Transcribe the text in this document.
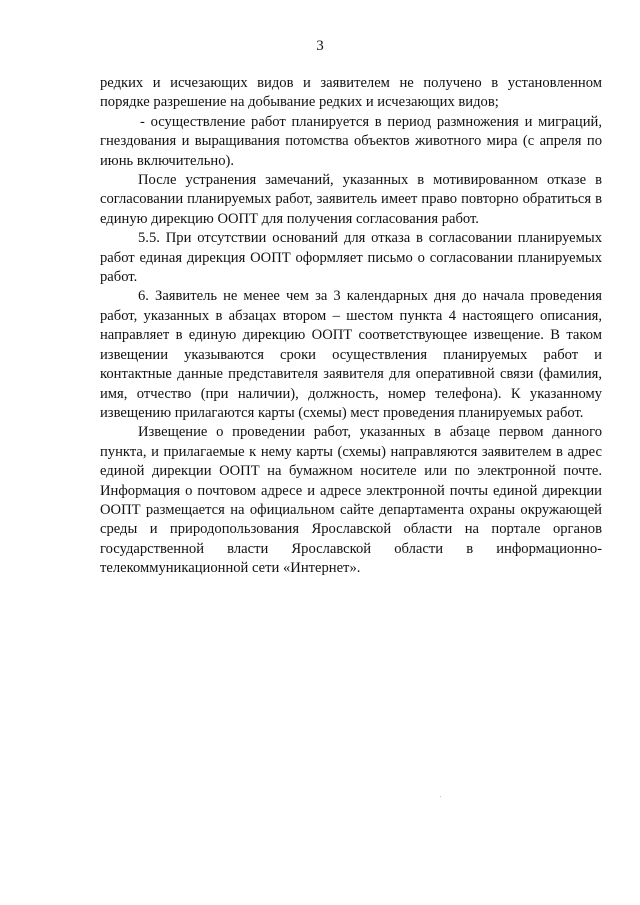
3

редких и исчезающих видов и заявителем не получено в установленном порядке разрешение на добывание редких и исчезающих видов;

- осуществление работ планируется в период размножения и миграций, гнездования и выращивания потомства объектов животного мира (с апреля по июнь включительно).

После устранения замечаний, указанных в мотивированном отказе в согласовании планируемых работ, заявитель имеет право повторно обратиться в единую дирекцию ООПТ для получения согласования работ.

5.5. При отсутствии оснований для отказа в согласовании планируемых работ единая дирекция ООПТ оформляет письмо о согласовании планируемых работ.

6. Заявитель не менее чем за 3 календарных дня до начала проведения работ, указанных в абзацах втором – шестом пункта 4 настоящего описания, направляет в единую дирекцию ООПТ соответствующее извещение. В таком извещении указываются сроки осуществления планируемых работ и контактные данные представителя заявителя для оперативной связи (фамилия, имя, отчество (при наличии), должность, номер телефона). К указанному извещению прилагаются карты (схемы) мест проведения планируемых работ.

Извещение о проведении работ, указанных в абзаце первом данного пункта, и прилагаемые к нему карты (схемы) направляются заявителем в адрес единой дирекции ООПТ на бумажном носителе или по электронной почте. Информация о почтовом адресе и адресе электронной почты единой дирекции ООПТ размещается на официальном сайте департамента охраны окружающей среды и природопользования Ярославской области на портале органов государственной власти Ярославской области в информационно-телекоммуникационной сети «Интернет».
